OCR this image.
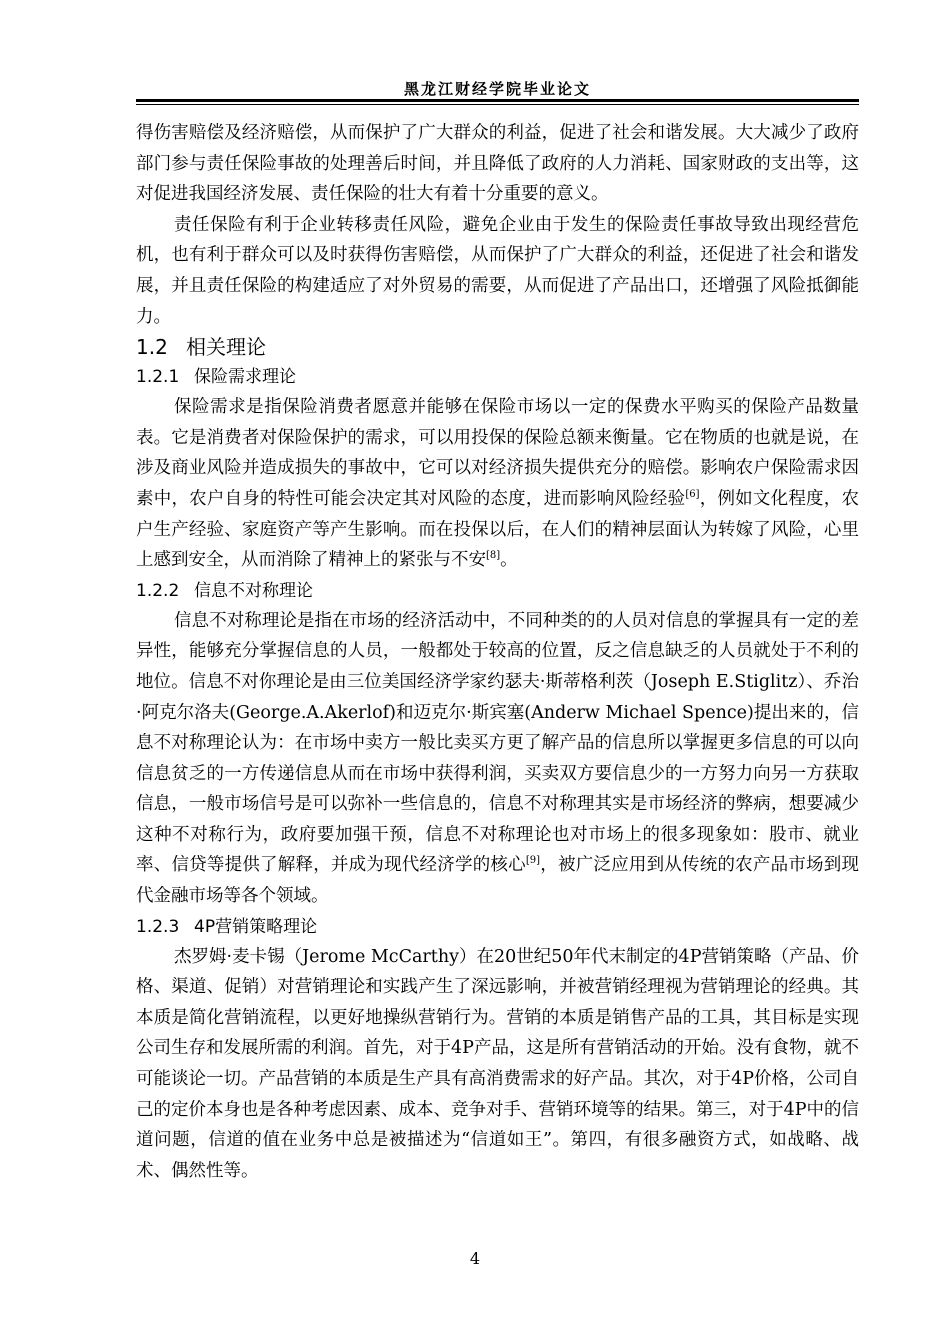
黑龙江财经学院毕业论文

得伤害赔偿及经济赔偿，从而保护了广大群众的利益，促进了社会和谐发展。大大减少了政府部门参与责任保险事故的处理善后时间，并且降低了政府的人力消耗、国家财政的支出等，这对促进我国经济发展、责任保险的壮大有着十分重要的意义。

责任保险有利于企业转移责任风险，避免企业由于发生的保险责任事故导致出现经营危机，也有利于群众可以及时获得伤害赔偿，从而保护了广大群众的利益，还促进了社会和谐发展，并且责任保险的构建适应了对外贸易的需要，从而促进了产品出口，还增强了风险抵御能力。

1.2 相关理论
1.2.1 保险需求理论

保险需求是指保险消费者愿意并能够在保险市场以一定的保费水平购买的保险产品数量表。它是消费者对保险保护的需求，可以用投保的保险总额来衡量。它在物质的也就是说，在涉及商业风险并造成损失的事故中，它可以对经济损失提供充分的赔偿。影响农户保险需求因素中，农户自身的特性可能会决定其对风险的态度，进而影响风险经验[6]，例如文化程度，农户生产经验、家庭资产等产生影响。而在投保以后，在人们的精神层面认为转嫁了风险，心里上感到安全，从而消除了精神上的紧张与不安[8]。

1.2.2 信息不对称理论

信息不对称理论是指在市场的经济活动中，不同种类的的人员对信息的掌握具有一定的差异性，能够充分掌握信息的人员，一般都处于较高的位置，反之信息缺乏的人员就处于不利的地位。信息不对你理论是由三位美国经济学家约瑟夫·斯蒂格利茨（Joseph E.Stiglitz）、乔治·阿克尔洛夫(George.A.Akerlof)和迈克尔·斯宾塞(Anderw Michael Spence)提出来的，信息不对称理论认为：在市场中卖方一般比卖买方更了解产品的信息所以掌握更多信息的可以向信息贫乏的一方传递信息从而在市场中获得利润，买卖双方要信息少的一方努力向另一方获取信息，一般市场信号是可以弥补一些信息的，信息不对称理其实是市场经济的弊病，想要减少这种不对称行为，政府要加强干预，信息不对称理论也对市场上的很多现象如：股市、就业率、信贷等提供了解释，并成为现代经济学的核心[9]，被广泛应用到从传统的农产品市场到现代金融市场等各个领域。

1.2.3 4P营销策略理论

杰罗姆·麦卡锡（Jerome McCarthy）在20世纪50年代末制定的4P营销策略（产品、价格、渠道、促销）对营销理论和实践产生了深远影响，并被营销经理视为营销理论的经典。其本质是简化营销流程，以更好地操纵营销行为。营销的本质是销售产品的工具，其目标是实现公司生存和发展所需的利润。首先，对于4P产品，这是所有营销活动的开始。没有食物，就不可能谈论一切。产品营销的本质是生产具有高消费需求的好产品。其次，对于4P价格，公司自己的定价本身也是各种考虑因素、成本、竞争对手、营销环境等的结果。第三，对于4P中的信道问题，信道的值在业务中总是被描述为“信道如王”。第四，有很多融资方式，如战略、战术、偶然性等。

4
